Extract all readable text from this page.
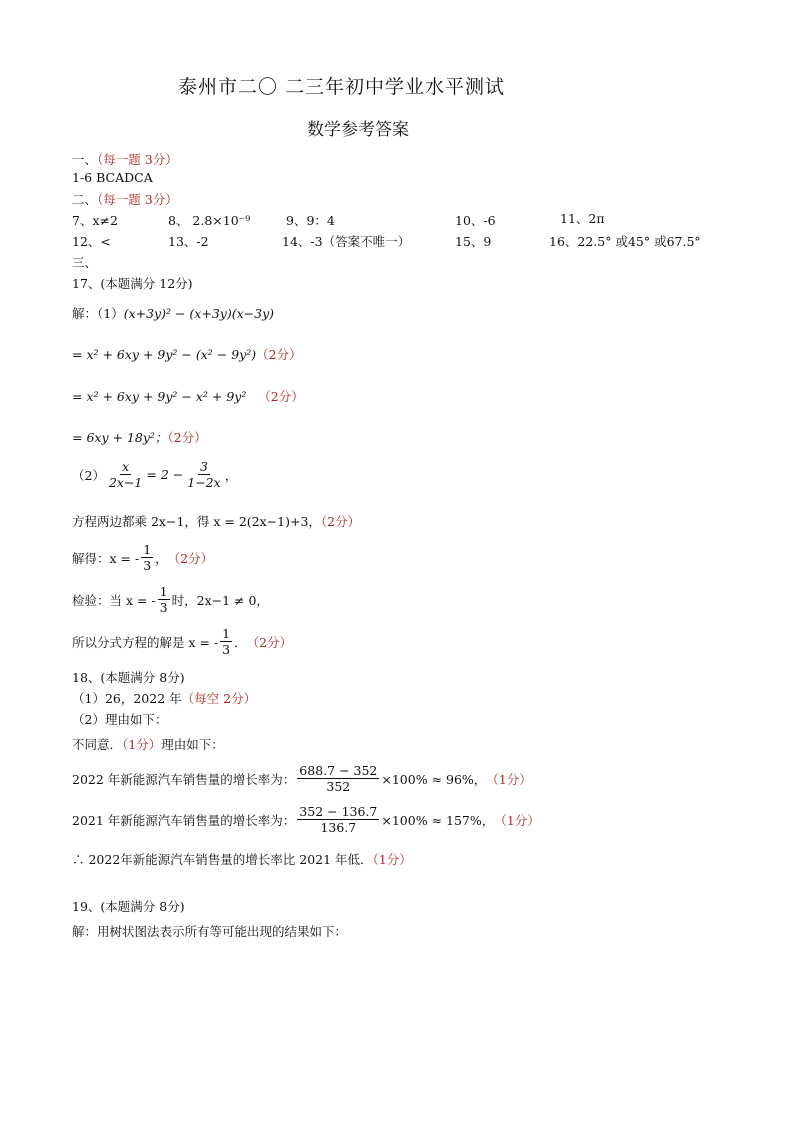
泰州市二〇 二三年初中学业水平测试
数学参考答案
一、（每一题 3分）
1-6 BCADCA
二、（每一题 3分）
7、x≠2	8、 2.8×10⁻⁹	9、9：4	10、-6	11、2π
12、<	13、-2	14、-3（答案不唯一）	15、9	16、22.5° 或45° 或67.5°
三、
17、(本题满分 12分)
解：（1）(x+3y)² − (x+3y)(x−3y)
= x² + 6xy + 9y² − (x² − 9y²)（2分）
= x² + 6xy + 9y² − x² + 9y² （2分）
= 6xy + 18y²；（2分）
$(2) \frac{x}{2x-1} = 2 - \frac{3}{1-2x}$ ，
方程两边都乘 2x−1，得 x = 2(2x−1)+3，（2分）
解得：x = - $\frac{1}{3}$ ， （2分）
检验：当 x = - $\frac{1}{3}$ 时，2x−1 ≠ 0，
所以分式方程的解是 x = - $\frac{1}{3}$ ． （2分）
18、(本题满分 8分)
（1）26，2022 年（每空 2分）
（2）理由如下：
不同意．（1分）理由如下：
2022 年新能源汽车销售量的增长率为： $\frac{688.7 - 352}{352} \times 100\% \approx 96\%$， （1分）
2021 年新能源汽车销售量的增长率为： $\frac{352 - 136.7}{136.7} \times 100\% \approx 157\%$， （1分）
∴ 2022年新能源汽车销售量的增长率比 2021 年低．（1分）
19、(本题满分 8分)
解：用树状图法表示所有等可能出现的结果如下：
